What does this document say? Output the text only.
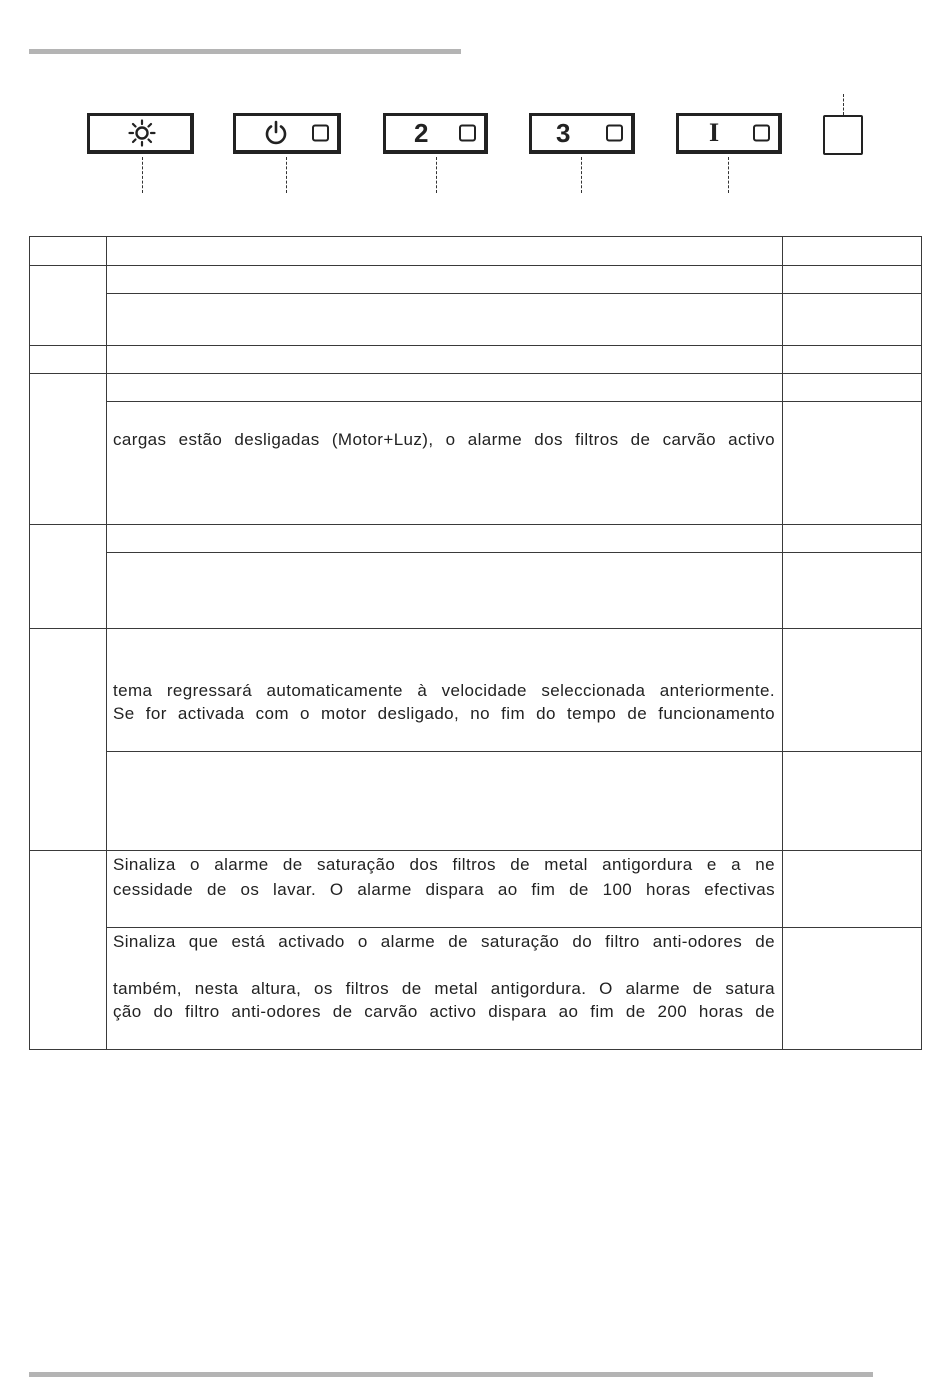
2	3	I
cargas estão desligadas (Motor+Luz), o alarme dos filtros de carvão activo
tema regressará automaticamente à velocidade seleccionada anteriormente.
Se for activada com o motor desligado, no fim do tempo de funcionamento
Sinaliza o alarme de saturação dos filtros de metal antigordura e a ne
cessidade de os lavar. O alarme dispara ao fim de 100 horas efectivas
Sinaliza que está activado o alarme de saturação do filtro anti-odores de
também, nesta altura, os filtros de metal antigordura. O alarme de satura
ção do filtro anti-odores de carvão activo dispara ao fim de 200 horas de
